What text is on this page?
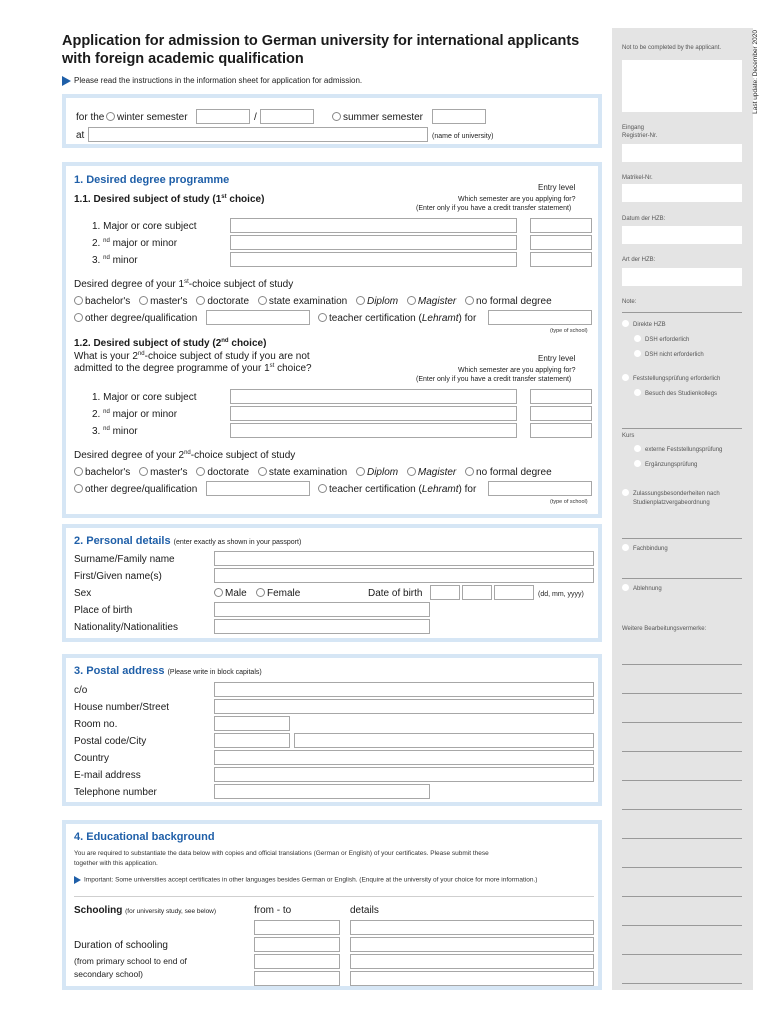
Application for admission to German university for international applicants with foreign academic qualification
Please read the instructions in the information sheet for application for admission.
for the	winter semester	/	summer semester
at	(name of university)
1. Desired degree programme
1.1. Desired subject of study (1st choice)
Entry level
Which semester are you applying for?
(Enter only if you have a credit transfer statement)
1. Major or core subject
2. $^{nd}$ major or minor
3. $^{nd}$ minor
Desired degree of your 1st-choice subject of study
bachelor's master's doctorate state examination Diplom Magister no formal degree
other degree/qualification	teacher certification (Lehramt) for
(type of school)
1.2. Desired subject of study (2nd choice)
What is your 2nd-choice subject of study if you are not
admitted to the degree programme of your 1st choice?
Entry level
Which semester are you applying for?
(Enter only if you have a credit transfer statement)
1. Major or core subject
2. $^{nd}$ major or minor
3. $^{nd}$ minor
Desired degree of your 2nd-choice subject of study
bachelor's master's doctorate state examination Diplom Magister no formal degree
other degree/qualification	teacher certification (Lehramt) for
(type of school)
2. Personal details (enter exactly as shown in your passport)
Surname/Family name
First/Given name(s)
Sex	Male	Female	Date of birth	(dd, mm, yyyy)
Place of birth
Nationality/Nationalities
3. Postal address (Please write in block capitals)
c/o
House number/Street
Room no.
Postal code/City
Country
E-mail address
Telephone number
4. Educational background
You are required to substantiate the data below with copies and official translations (German or English) of your certificates. Please submit these
together with this application.
Important: Some universities accept certificates in other languages besides German or English. (Enquire at the university of your choice for more information.)
Schooling (for university study, see below)	from - to	details
Duration of schooling
(from primary school to end of
secondary school)
Not to be completed by the applicant.
Eingang
Registrier-Nr.
Matrikel-Nr.
Datum der HZB:
Art der HZB:
Note:
Direkte HZB
DSH erforderlich
DSH nicht erforderlich
Feststellungsprüfung erforderlich
Besuch des Studienkollegs
Kurs
externe Feststellungsprüfung
Ergänzungsprüfung
Zulassungsbesonderheiten nach
Studienplatzvergabeordnung
Fachbindung
Ablehnung
Weitere Bearbeitungsvermerke:
Last update: December 2020
